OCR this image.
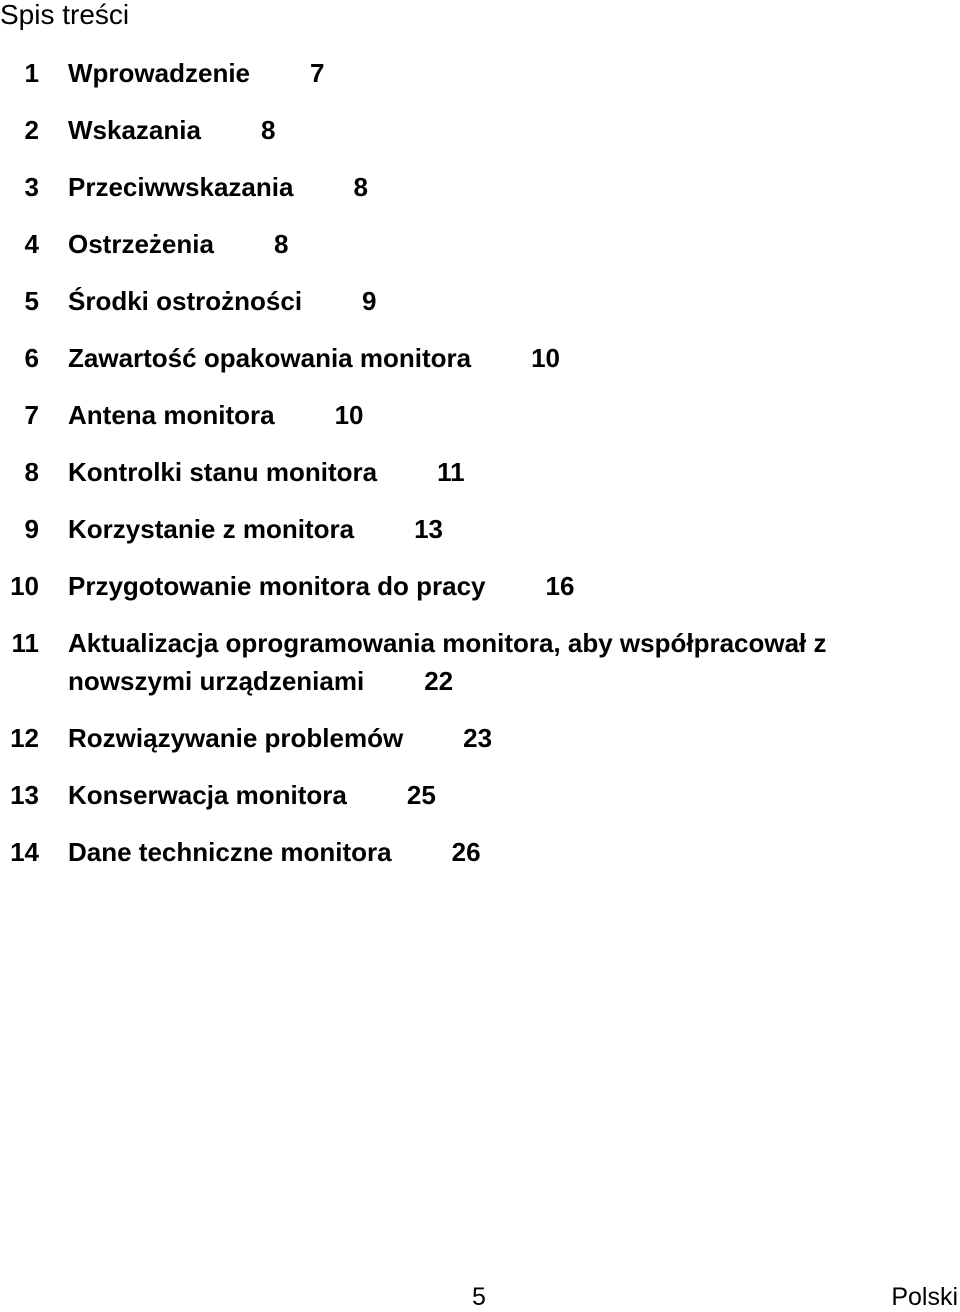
Spis treści
1	Wprowadzenie 7
2	Wskazania 8
3	Przeciwwskazania 8
4	Ostrzeżenia 8
5	Środki ostrożności 9
6	Zawartość opakowania monitora 10
7	Antena monitora 10
8	Kontrolki stanu monitora 11
9	Korzystanie z monitora 13
10	Przygotowanie monitora do pracy 16
11	Aktualizacja oprogramowania monitora, aby współpracował z nowszymi urządzeniami 22
12	Rozwiązywanie problemów 23
13	Konserwacja monitora 25
14	Dane techniczne monitora 26
5	Polski
